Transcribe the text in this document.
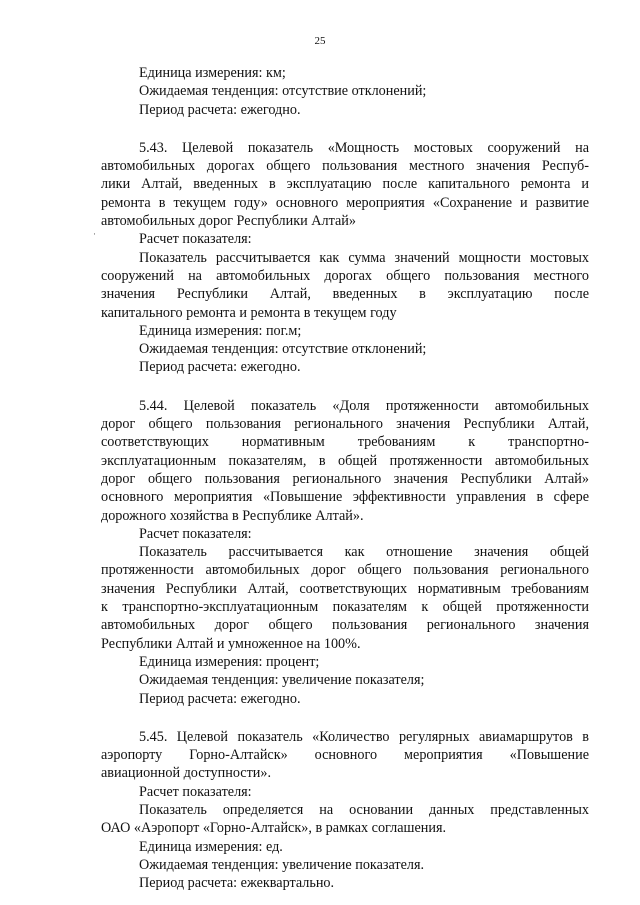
25
·
Единица измерения: км;
Ожидаемая тенденция: отсутствие отклонений;
Период расчета: ежегодно.
5.43. Целевой показатель «Мощность мостовых сооружений на
автомобильных дорогах общего пользования местного значения Респуб-
лики Алтай, введенных в эксплуатацию после капитального ремонта и
ремонта в текущем году» основного мероприятия «Сохранение и развитие
автомобильных дорог Республики Алтай»
Расчет показателя:
Показатель рассчитывается как сумма значений мощности мостовых
сооружений на автомобильных дорогах общего пользования местного
значения Республики Алтай, введенных в эксплуатацию после
капитального ремонта и ремонта в текущем году
Единица измерения: пог.м;
Ожидаемая тенденция: отсутствие отклонений;
Период расчета: ежегодно.
5.44. Целевой показатель «Доля протяженности автомобильных
дорог общего пользования регионального значения Республики Алтай,
соответствующих нормативным требованиям к транспортно-
эксплуатационным показателям, в общей протяженности автомобильных
дорог общего пользования регионального значения Республики Алтай»
основного мероприятия «Повышение эффективности управления в сфере
дорожного хозяйства в Республике Алтай».
Расчет показателя:
Показатель рассчитывается как отношение значения общей
протяженности автомобильных дорог общего пользования регионального
значения Республики Алтай, соответствующих нормативным требованиям
к транспортно-эксплуатационным показателям к общей протяженности
автомобильных дорог общего пользования регионального значения
Республики Алтай и умноженное на 100%.
Единица измерения: процент;
Ожидаемая тенденция: увеличение показателя;
Период расчета: ежегодно.
5.45. Целевой показатель «Количество регулярных авиамаршрутов в
аэропорту Горно-Алтайск» основного мероприятия «Повышение
авиационной доступности».
Расчет показателя:
Показатель определяется на основании данных представленных
ОАО «Аэропорт «Горно-Алтайск», в рамках соглашения.
Единица измерения: ед.
Ожидаемая тенденция: увеличение показателя.
Период расчета: ежеквартально.
